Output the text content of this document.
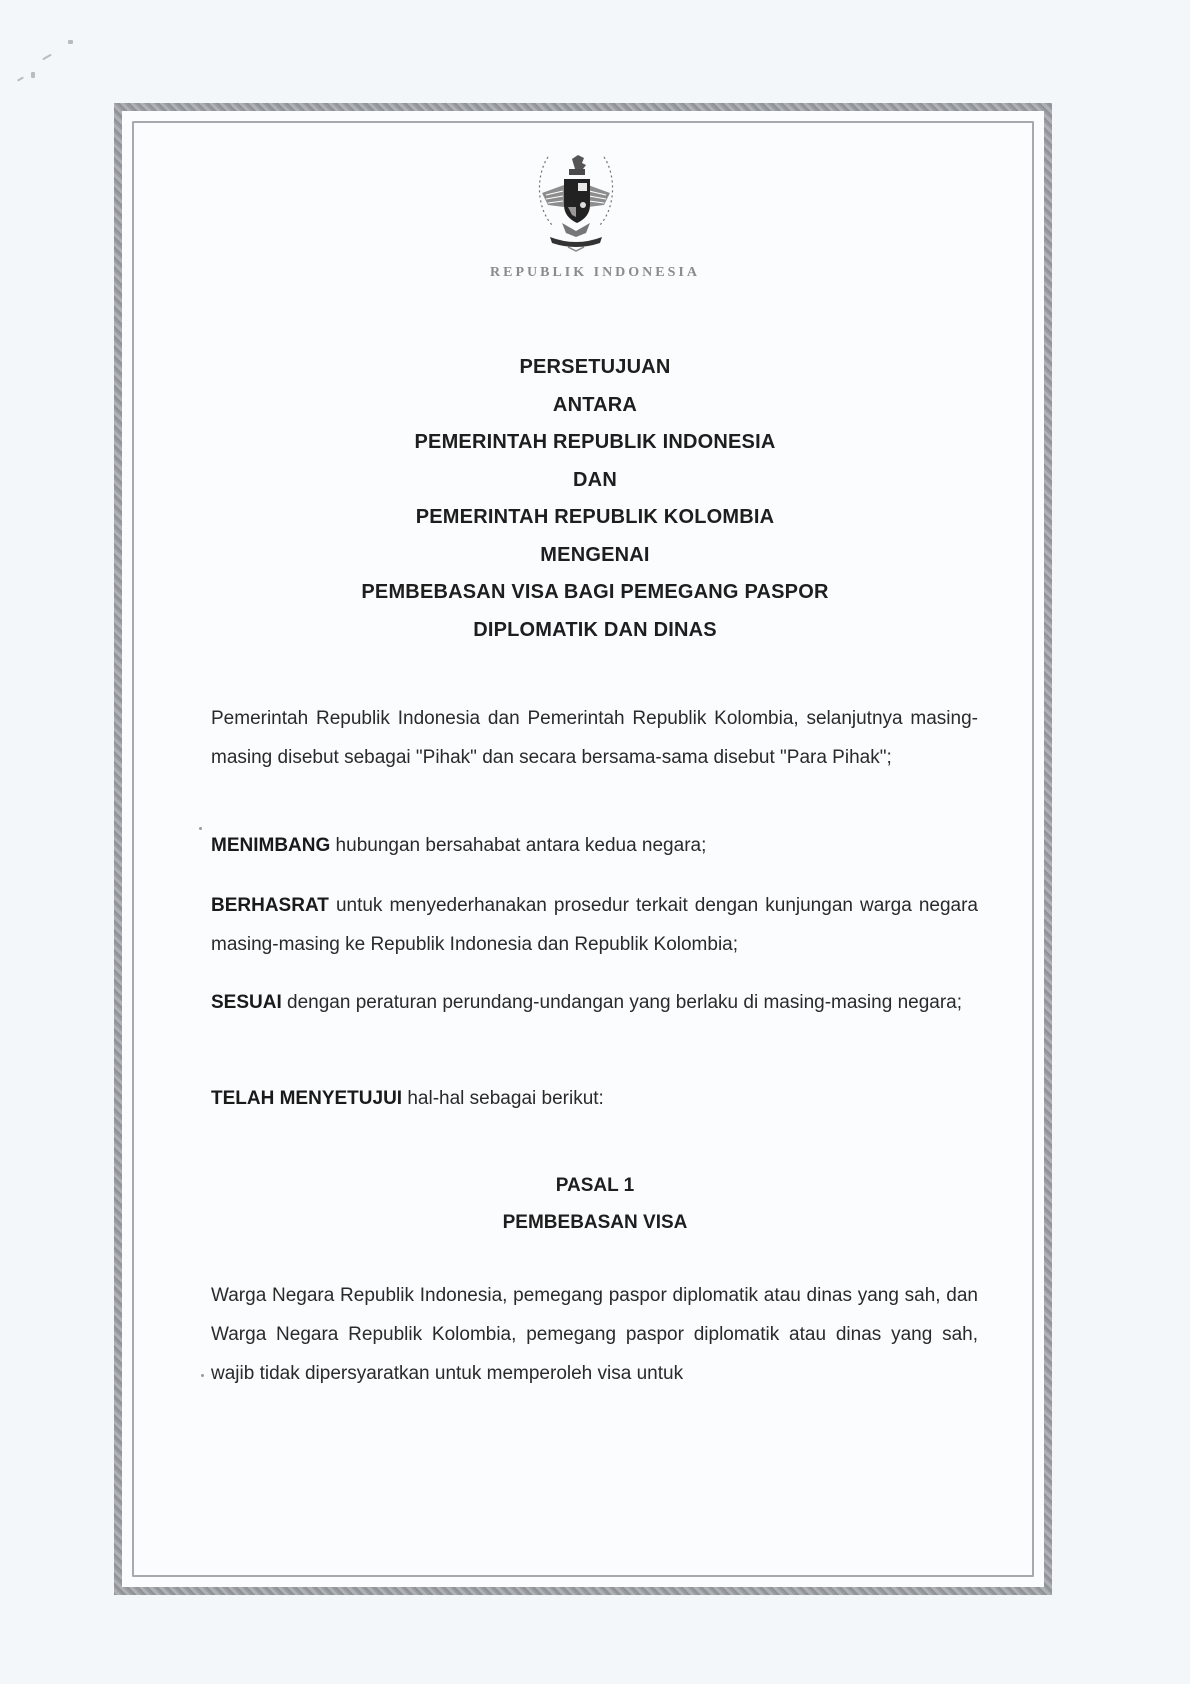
REPUBLIK INDONESIA
PERSETUJUAN
ANTARA
PEMERINTAH REPUBLIK INDONESIA
DAN
PEMERINTAH REPUBLIK KOLOMBIA
MENGENAI
PEMBEBASAN VISA BAGI PEMEGANG PASPOR
DIPLOMATIK DAN DINAS

Pemerintah Republik Indonesia dan Pemerintah Republik Kolombia, selanjutnya masing-masing disebut sebagai "Pihak" dan secara bersama-sama disebut "Para Pihak";

MENIMBANG hubungan bersahabat antara kedua negara;

BERHASRAT untuk menyederhanakan prosedur terkait dengan kunjungan warga negara masing-masing ke Republik Indonesia dan Republik Kolombia;

SESUAI dengan peraturan perundang-undangan yang berlaku di masing-masing negara;

TELAH MENYETUJUI hal-hal sebagai berikut:

PASAL 1
PEMBEBASAN VISA

Warga Negara Republik Indonesia, pemegang paspor diplomatik atau dinas yang sah, dan Warga Negara Republik Kolombia, pemegang paspor diplomatik atau dinas yang sah, wajib tidak dipersyaratkan untuk memperoleh visa untuk
